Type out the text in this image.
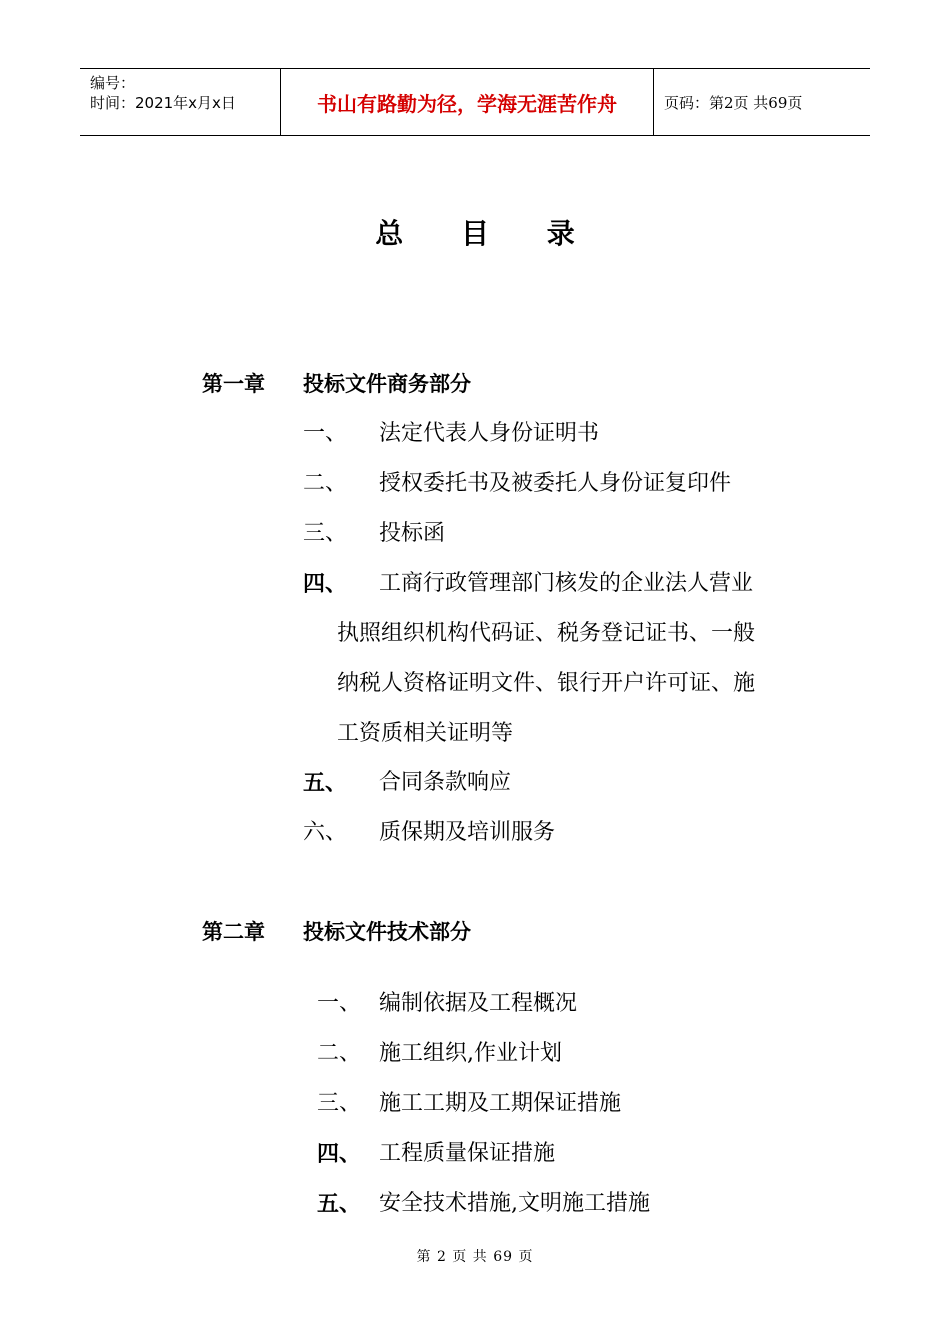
编号：
时间：2021年x月x日	书山有路勤为径，学海无涯苦作舟	页码：第2页 共69页
总 目 录
第一章 投标文件商务部分
一、 法定代表人身份证明书
二、 授权委托书及被委托人身份证复印件
三、 投标函
四、 工商行政管理部门核发的企业法人营业
执照组织机构代码证、税务登记证书、一般
纳税人资格证明文件、银行开户许可证、施
工资质相关证明等
五、 合同条款响应
六、 质保期及培训服务
第二章 投标文件技术部分
一、 编制依据及工程概况
二、 施工组织,作业计划
三、 施工工期及工期保证措施
四、 工程质量保证措施
五、 安全技术措施,文明施工措施
第 2 页 共 69 页
